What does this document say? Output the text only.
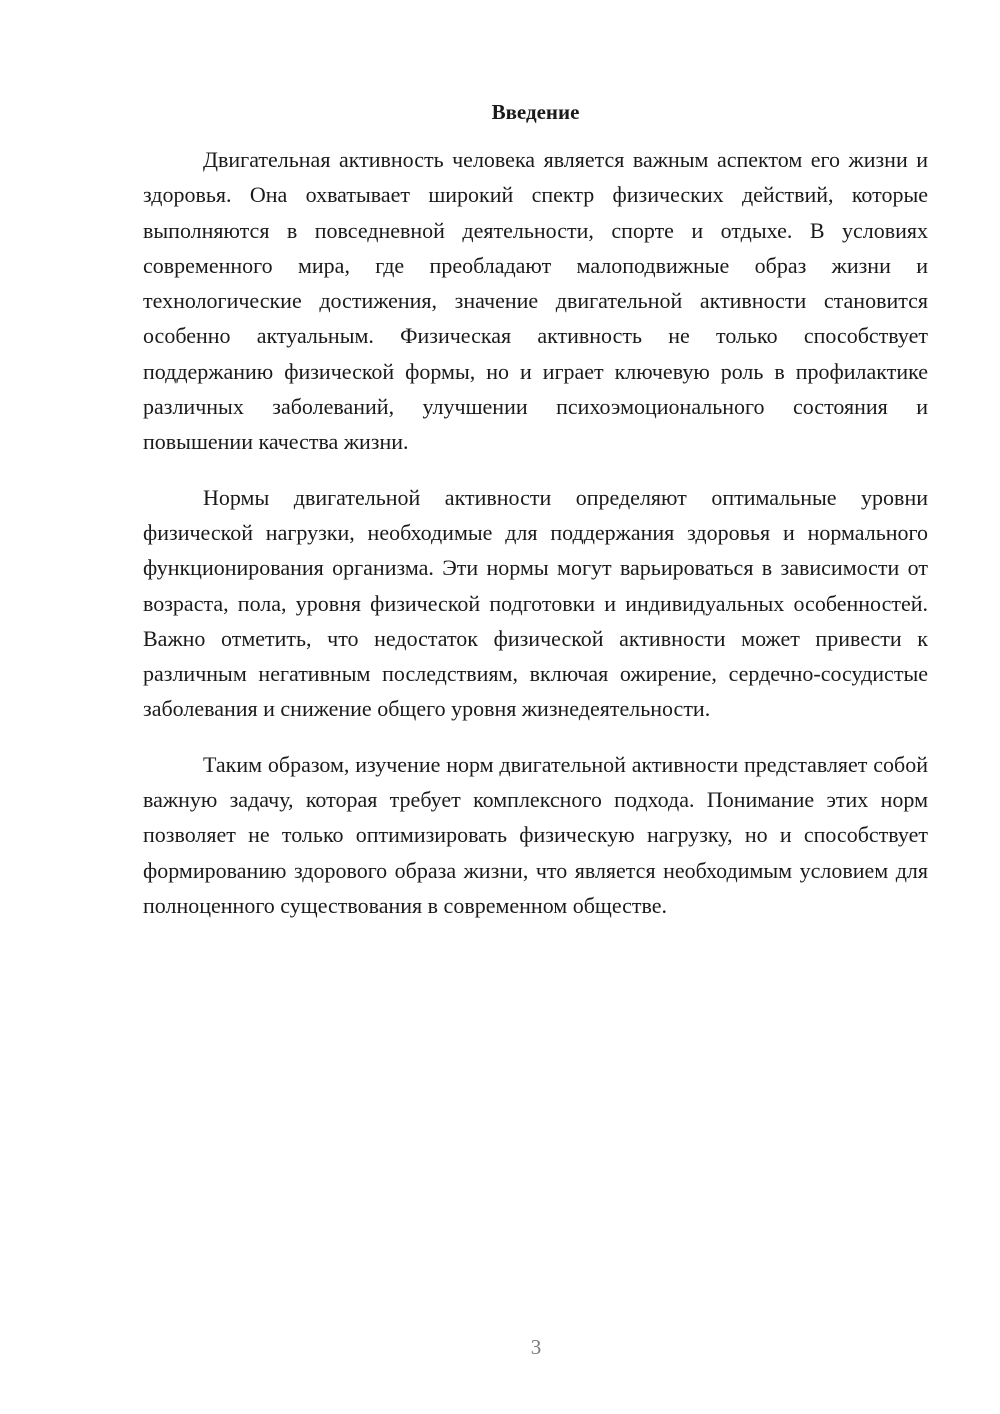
Введение

Двигательная активность человека является важным аспектом его жизни и здоровья. Она охватывает широкий спектр физических действий, которые выполняются в повседневной деятельности, спорте и отдыхе. В условиях современного мира, где преобладают малоподвижные образ жизни и технологические достижения, значение двигательной активности становится особенно актуальным. Физическая активность не только способствует поддержанию физической формы, но и играет ключевую роль в профилактике различных заболеваний, улучшении психоэмоционального состояния и повышении качества жизни.

Нормы двигательной активности определяют оптимальные уровни физической нагрузки, необходимые для поддержания здоровья и нормального функционирования организма. Эти нормы могут варьироваться в зависимости от возраста, пола, уровня физической подготовки и индивидуальных особенностей. Важно отметить, что недостаток физической активности может привести к различным негативным последствиям, включая ожирение, сердечно-сосудистые заболевания и снижение общего уровня жизнедеятельности.

Таким образом, изучение норм двигательной активности представляет собой важную задачу, которая требует комплексного подхода. Понимание этих норм позволяет не только оптимизировать физическую нагрузку, но и способствует формированию здорового образа жизни, что является необходимым условием для полноценного существования в современном обществе.

3
